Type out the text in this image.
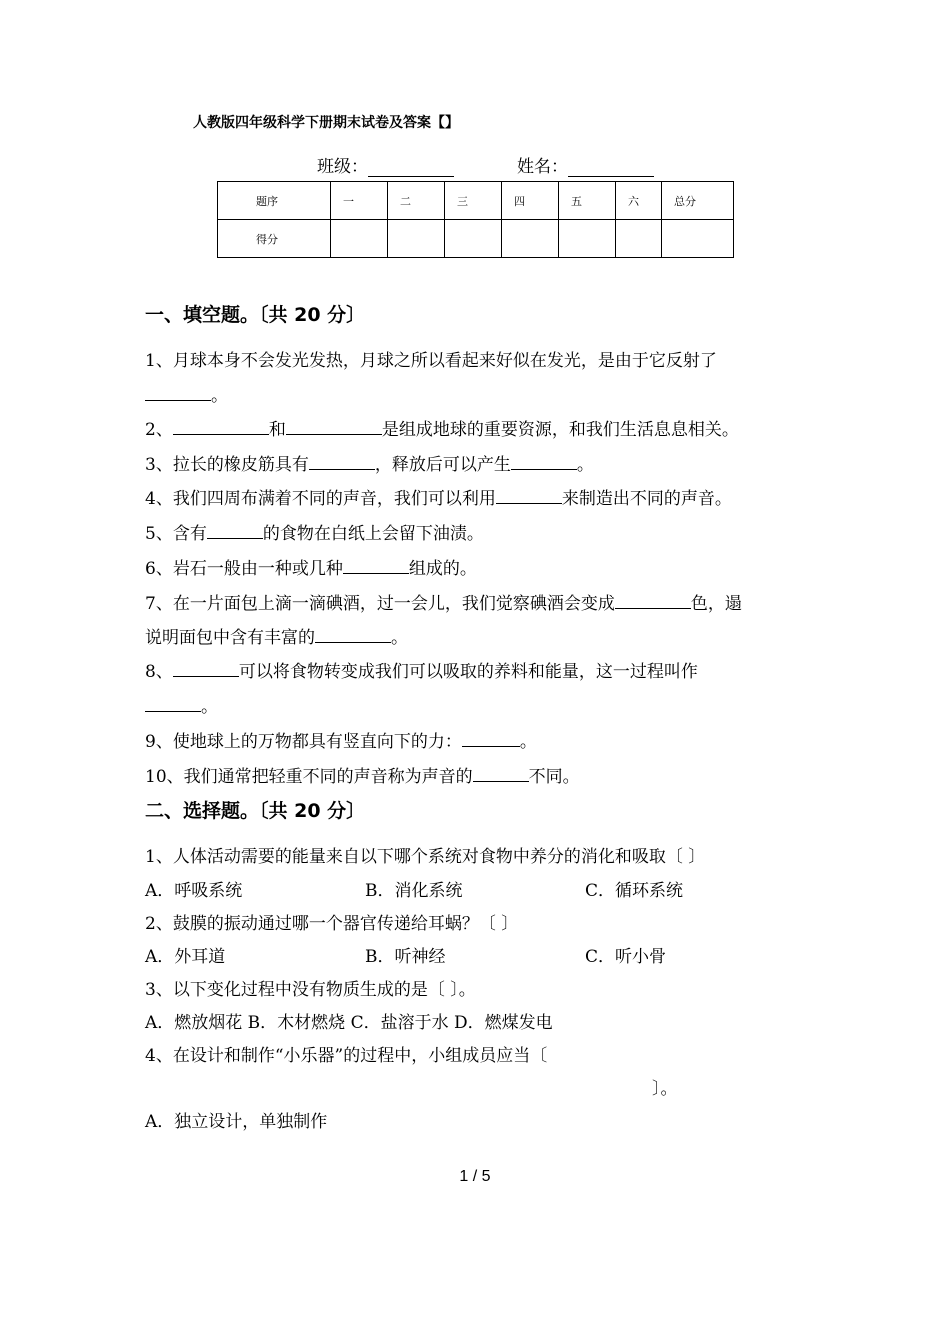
人教版四年级科学下册期末试卷及答案【】
班级：	姓名：
题序	一	二	三	四	五	六	总分
得分							
一、填空题。〔共 20 分〕
1、月球本身不会发光发热，月球之所以看起来好似在发光，是由于它反射了
。
2、	和	是组成地球的重要资源，和我们生活息息相关。
3、拉长的橡皮筋具有	，释放后可以产生	。
4、我们四周布满着不同的声音，我们可以利用	来制造出不同的声音。
5、含有	的食物在白纸上会留下油渍。
6、岩石一般由一种或几种	组成的。
7、在一片面包上滴一滴碘酒，过一会儿，我们觉察碘酒会变成	色，遢
说明面包中含有丰富的	。
8、	可以将食物转变成我们可以吸取的养料和能量，这一过程叫作
。
9、使地球上的万物都具有竖直向下的力：	。
10、我们通常把轻重不同的声音称为声音的	不同。
二、选择题。〔共 20 分〕
1、人体活动需要的能量来自以下哪个系统对食物中养分的消化和吸取〔 〕
A．呼吸系统	B．消化系统	C．循环系统
2、鼓膜的振动通过哪一个器官传递给耳蜗？〔 〕
A．外耳道	B．听神经	C．听小骨
3、以下变化过程中没有物质生成的是〔 〕。
A．燃放烟花 B．木材燃烧 C．盐溶于水 D．燃煤发电
4、在设计和制作“小乐器”的过程中，小组成员应当〔
〕。
A．独立设计，单独制作
1 / 5
